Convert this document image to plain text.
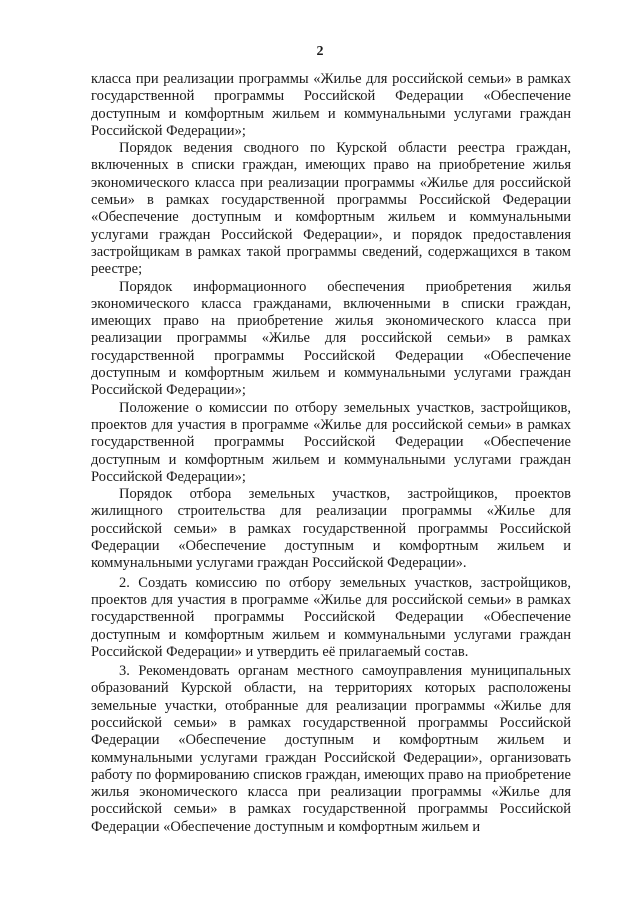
2

класса при реализации программы «Жилье для российской семьи» в рамках государственной программы Российской Федерации «Обеспечение доступным и комфортным жильем и коммунальными услугами граждан Российской Федерации»;

Порядок ведения сводного по Курской области реестра граждан, включенных в списки граждан, имеющих право на приобретение жилья экономического класса при реализации программы «Жилье для российской семьи» в рамках государственной программы Российской Федерации «Обеспечение доступным и комфортным жильем и коммунальными услугами граждан Российской Федерации», и порядок предоставления застройщикам в рамках такой программы сведений, содержащихся в таком реестре;

Порядок информационного обеспечения приобретения жилья экономического класса гражданами, включенными в списки граждан, имеющих право на приобретение жилья экономического класса при реализации программы «Жилье для российской семьи» в рамках государственной программы Российской Федерации «Обеспечение доступным и комфортным жильем и коммунальными услугами граждан Российской Федерации»;

Положение о комиссии по отбору земельных участков, застройщиков, проектов для участия в программе «Жилье для российской семьи» в рамках государственной программы Российской Федерации «Обеспечение доступным и комфортным жильем и коммунальными услугами граждан Российской Федерации»;

Порядок отбора земельных участков, застройщиков, проектов жилищного строительства для реализации программы «Жилье для российской семьи» в рамках государственной программы Российской Федерации «Обеспечение доступным и комфортным жильем и коммунальными услугами граждан Российской Федерации».

2. Создать комиссию по отбору земельных участков, застройщиков, проектов для участия в программе «Жилье для российской семьи» в рамках государственной программы Российской Федерации «Обеспечение доступным и комфортным жильем и коммунальными услугами граждан Российской Федерации» и утвердить её прилагаемый состав.

3. Рекомендовать органам местного самоуправления муниципальных образований Курской области, на территориях которых расположены земельные участки, отобранные для реализации программы «Жилье для российской семьи» в рамках государственной программы Российской Федерации «Обеспечение доступным и комфортным жильем и коммунальными услугами граждан Российской Федерации», организовать работу по формированию списков граждан, имеющих право на приобретение жилья экономического класса при реализации программы «Жилье для российской семьи» в рамках государственной программы Российской Федерации «Обеспечение доступным и комфортным жильем и
